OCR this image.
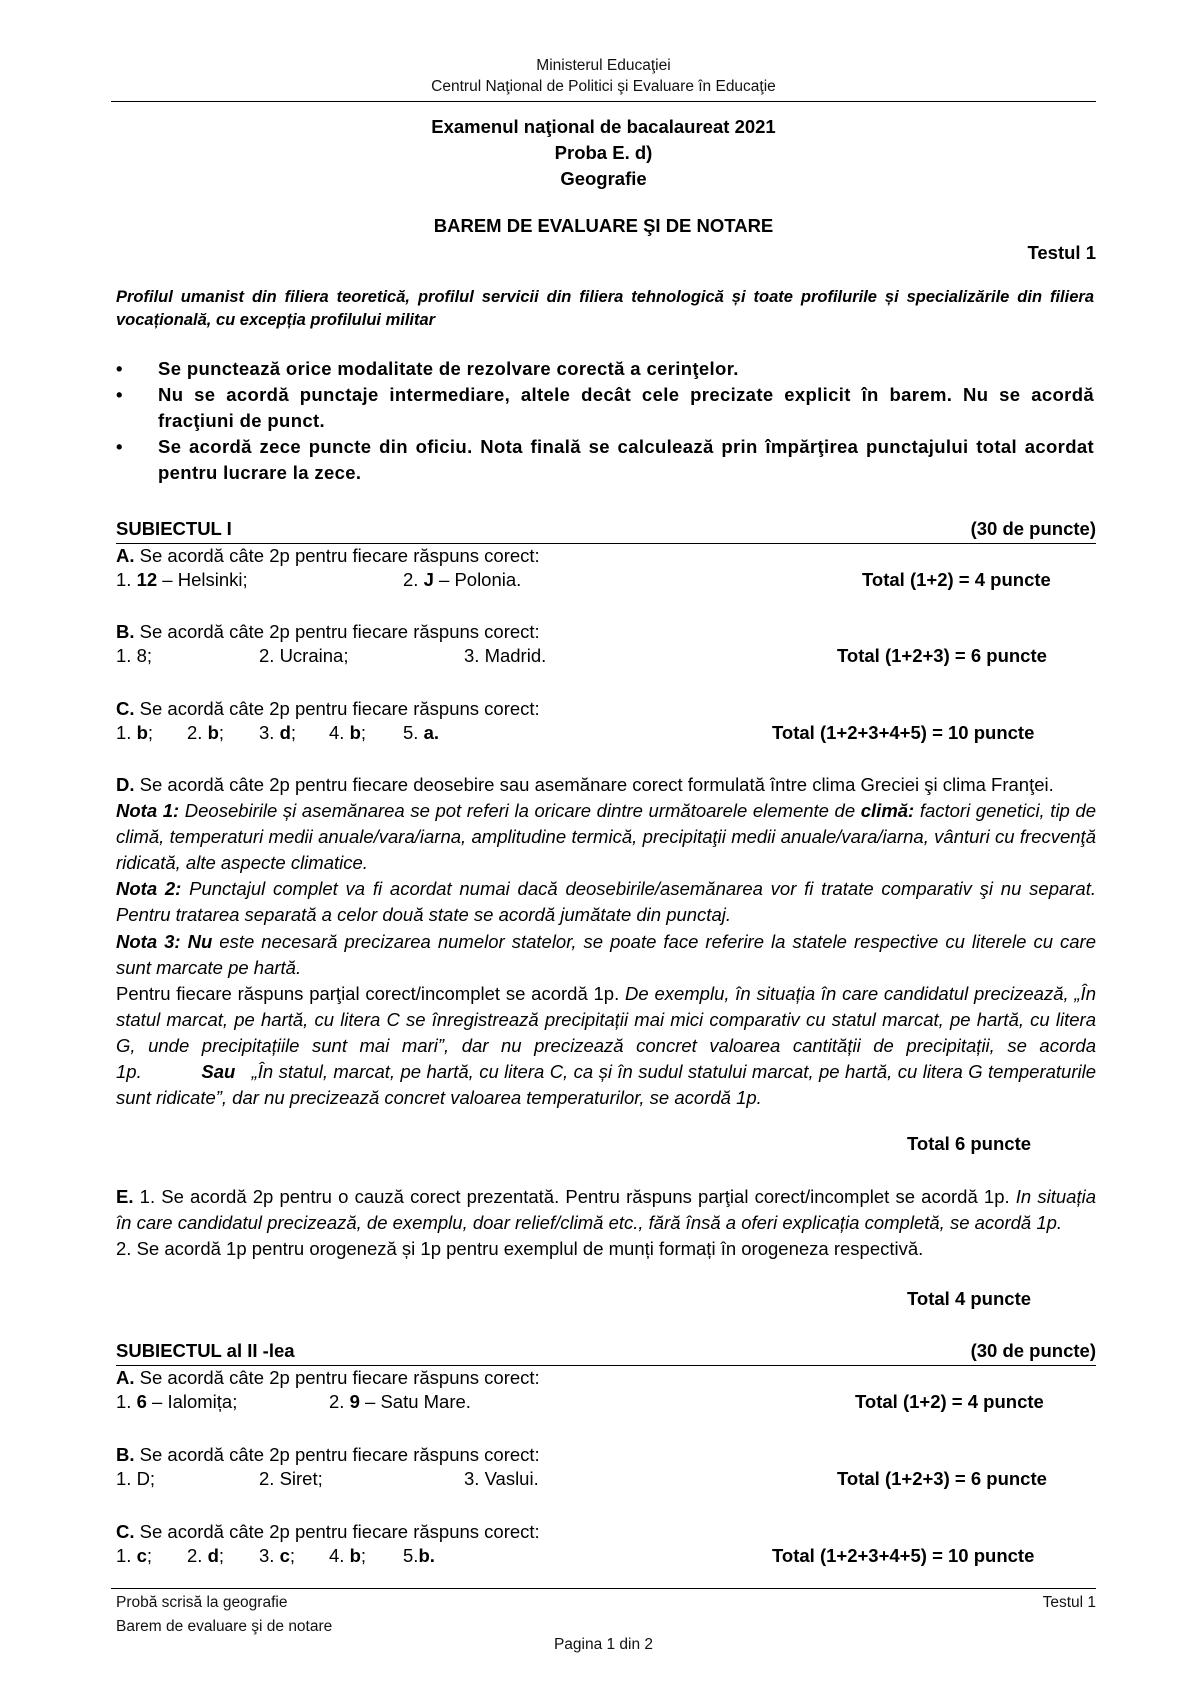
Ministerul Educaţiei
Centrul Naţional de Politici şi Evaluare în Educaţie
Examenul naţional de bacalaureat 2021
Proba E. d)
Geografie
BAREM DE EVALUARE ŞI DE NOTARE
Testul 1
Profilul umanist din filiera teoretică, profilul servicii din filiera tehnologică și toate profilurile și specializările din filiera vocațională, cu excepția profilului militar
• Se punctează orice modalitate de rezolvare corectă a cerinţelor.
• Nu se acordă punctaje intermediare, altele decât cele precizate explicit în barem. Nu se acordă fracţiuni de punct.
• Se acordă zece puncte din oficiu. Nota finală se calculează prin împărţirea punctajului total acordat pentru lucrare la zece.
SUBIECTUL I	(30 de puncte)
A. Se acordă câte 2p pentru fiecare răspuns corect:
1. 12 – Helsinki;	2. J – Polonia.	Total (1+2) = 4 puncte
B. Se acordă câte 2p pentru fiecare răspuns corect:
1. 8;	2. Ucraina;	3. Madrid.	Total (1+2+3) = 6 puncte
C. Se acordă câte 2p pentru fiecare răspuns corect:
1. b; 2. b; 3. d; 4. b; 5. a.	Total (1+2+3+4+5) = 10 puncte

D. Se acordă câte 2p pentru fiecare deosebire sau asemănare corect formulată între clima Greciei şi clima Franţei.

Nota 1: Deosebirile și asemănarea se pot referi la oricare dintre următoarele elemente de climă: factori genetici, tip de climă, temperaturi medii anuale/vara/iarna, amplitudine termică, precipitaţii medii anuale/vara/iarna, vânturi cu frecvenţă ridicată, alte aspecte climatice.

Nota 2: Punctajul complet va fi acordat numai dacă deosebirile/asemănarea vor fi tratate comparativ şi nu separat. Pentru tratarea separată a celor două state se acordă jumătate din punctaj.

Nota 3: Nu este necesară precizarea numelor statelor, se poate face referire la statele respective cu literele cu care sunt marcate pe hartă.

Pentru fiecare răspuns parţial corect/incomplet se acordă 1p. De exemplu, în situația în care candidatul precizează, „În statul marcat, pe hartă, cu litera C se înregistrează precipitații mai mici comparativ cu statul marcat, pe hartă, cu litera G, unde precipitațiile sunt mai mari”, dar nu precizează concret valoarea cantității de precipitații, se acorda 1p.	Sau „În statul, marcat, pe hartă, cu litera C, ca și în sudul statului marcat, pe hartă, cu litera G temperaturile sunt ridicate”, dar nu precizează concret valoarea temperaturilor, se acordă 1p.

Total 6 puncte

E. 1. Se acordă 2p pentru o cauză corect prezentată. Pentru răspuns parţial corect/incomplet se acordă 1p. In situația în care candidatul precizează, de exemplu, doar relief/climă etc., fără însă a oferi explicația completă, se acordă 1p.

2. Se acordă 1p pentru orogeneză și 1p pentru exemplul de munți formați în orogeneza respectivă.

Total 4 puncte
SUBIECTUL al II -lea	(30 de puncte)
A. Se acordă câte 2p pentru fiecare răspuns corect:
1. 6 – Ialomița;	2. 9 – Satu Mare.	Total (1+2) = 4 puncte
B. Se acordă câte 2p pentru fiecare răspuns corect:
1. D;	2. Siret;	3. Vaslui.	Total (1+2+3) = 6 puncte
C. Se acordă câte 2p pentru fiecare răspuns corect:
1. c; 2. d; 3. c; 4. b; 5.b.	Total (1+2+3+4+5) = 10 puncte
Probă scrisă la geografie	Testul 1
Barem de evaluare şi de notare
Pagina 1 din 2
